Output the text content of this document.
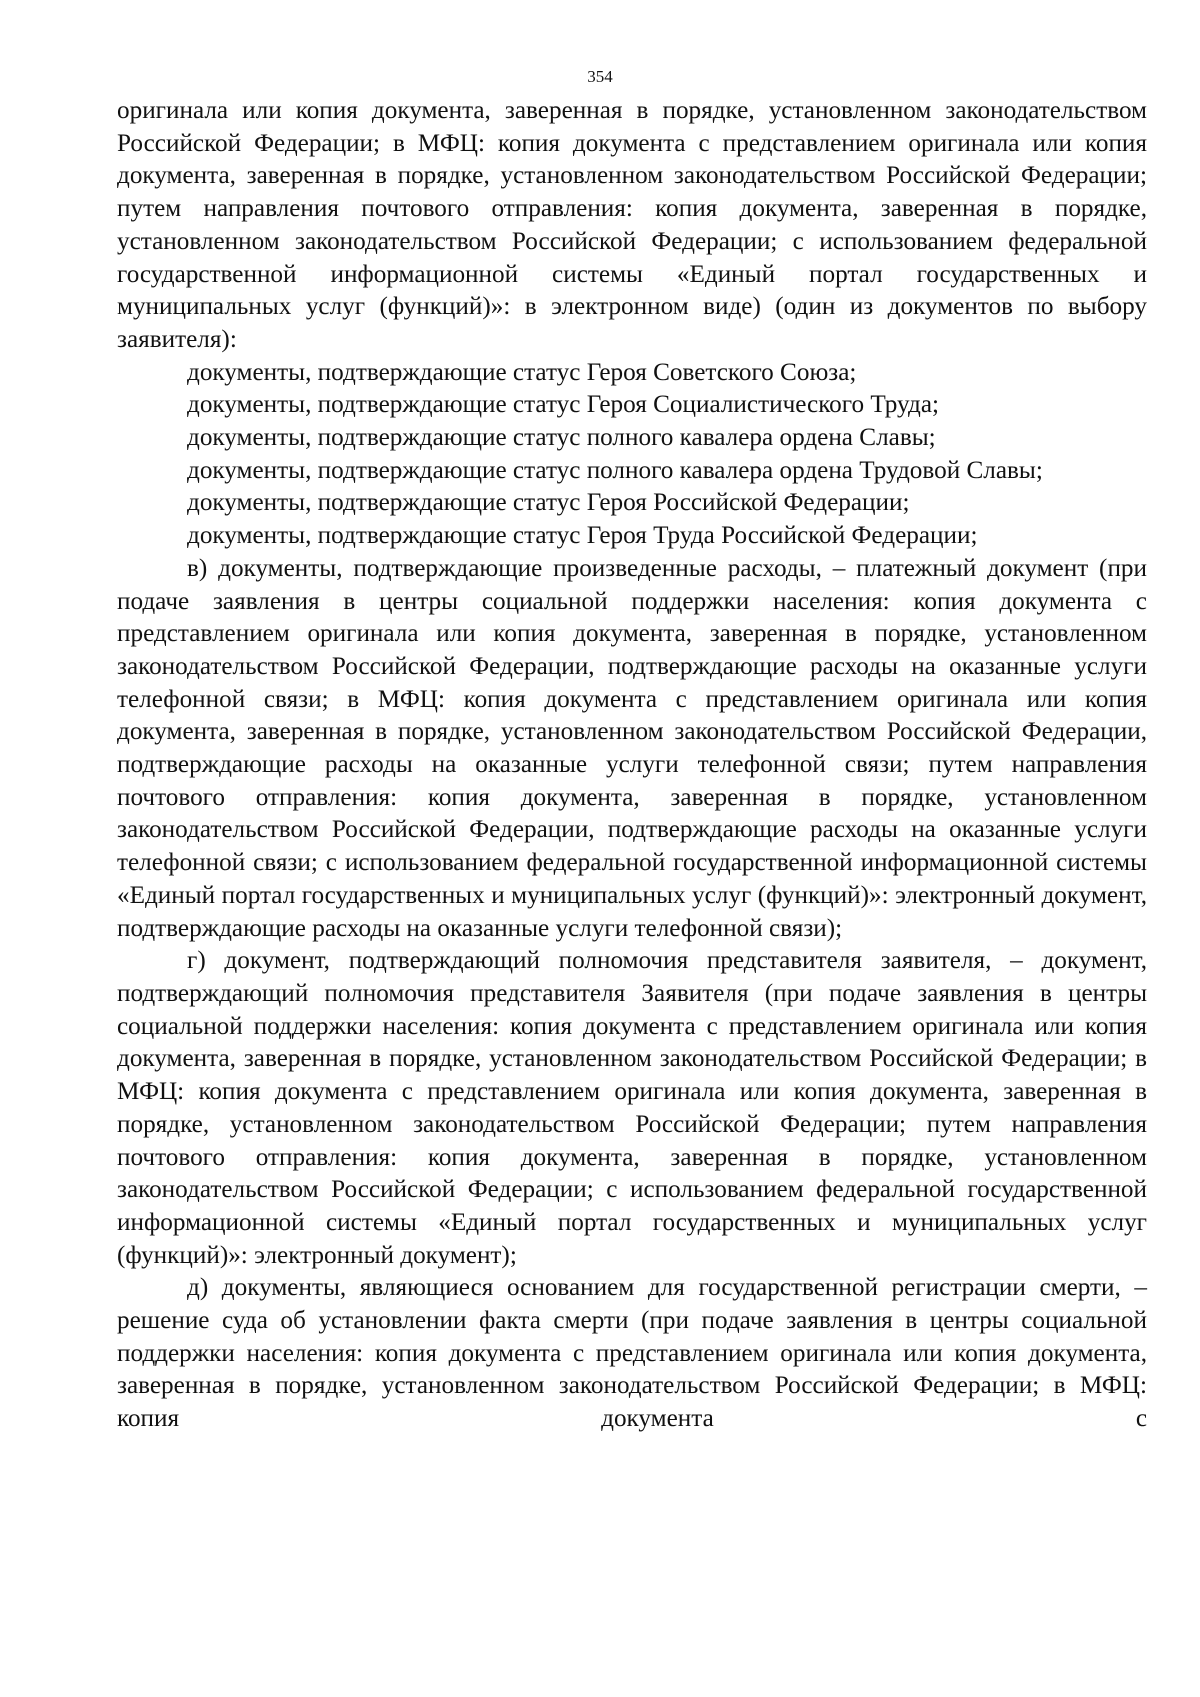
354

оригинала или копия документа, заверенная в порядке, установленном законодательством Российской Федерации; в МФЦ: копия документа с представлением оригинала или копия документа, заверенная в порядке, установленном законодательством Российской Федерации; путем направления почтового отправления: копия документа, заверенная в порядке, установленном законодательством Российской Федерации; с использованием федеральной государственной информационной системы «Единый портал государственных и муниципальных услуг (функций)»: в электронном виде) (один из документов по выбору заявителя):

документы, подтверждающие статус Героя Советского Союза;

документы, подтверждающие статус Героя Социалистического Труда;

документы, подтверждающие статус полного кавалера ордена Славы;

документы, подтверждающие статус полного кавалера ордена Трудовой Славы;

документы, подтверждающие статус Героя Российской Федерации;

документы, подтверждающие статус Героя Труда Российской Федерации;

в) документы, подтверждающие произведенные расходы, – платежный документ (при подаче заявления в центры социальной поддержки населения: копия документа с представлением оригинала или копия документа, заверенная в порядке, установленном законодательством Российской Федерации, подтверждающие расходы на оказанные услуги телефонной связи; в МФЦ: копия документа с представлением оригинала или копия документа, заверенная в порядке, установленном законодательством Российской Федерации, подтверждающие расходы на оказанные услуги телефонной связи; путем направления почтового отправления: копия документа, заверенная в порядке, установленном законодательством Российской Федерации, подтверждающие расходы на оказанные услуги телефонной связи; с использованием федеральной государственной информационной системы «Единый портал государственных и муниципальных услуг (функций)»: электронный документ, подтверждающие расходы на оказанные услуги телефонной связи);

г) документ, подтверждающий полномочия представителя заявителя, – документ, подтверждающий полномочия представителя Заявителя (при подаче заявления в центры социальной поддержки населения: копия документа с представлением оригинала или копия документа, заверенная в порядке, установленном законодательством Российской Федерации; в МФЦ: копия документа с представлением оригинала или копия документа, заверенная в порядке, установленном законодательством Российской Федерации; путем направления почтового отправления: копия документа, заверенная в порядке, установленном законодательством Российской Федерации; с использованием федеральной государственной информационной системы «Единый портал государственных и муниципальных услуг (функций)»: электронный документ);

д) документы, являющиеся основанием для государственной регистрации смерти, – решение суда об установлении факта смерти (при подаче заявления в центры социальной поддержки населения: копия документа с представлением оригинала или копия документа, заверенная в порядке, установленном законодательством Российской Федерации; в МФЦ: копия документа с
